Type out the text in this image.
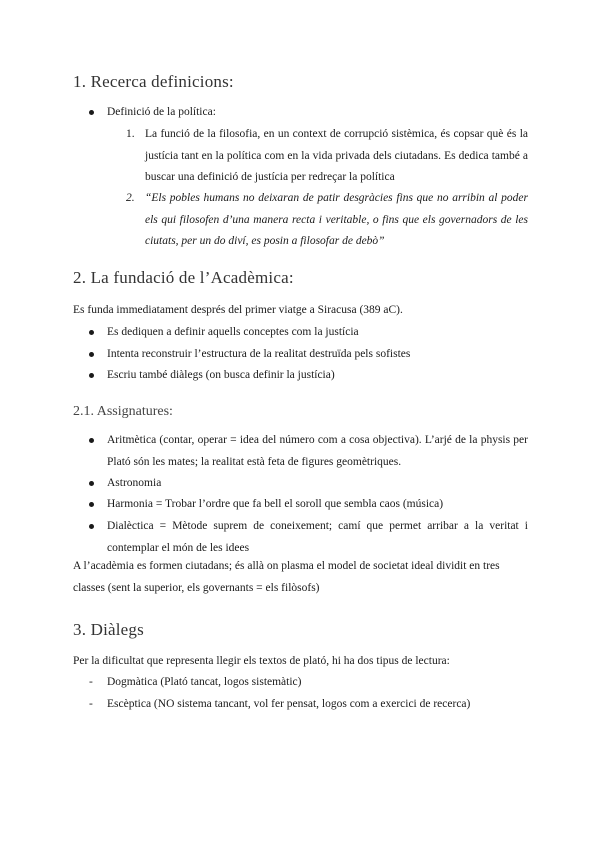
1. Recerca definicions:

Definició de la política:

1. La funció de la filosofia, en un context de corrupció sistèmica, és copsar què és la justícia tant en la política com en la vida privada dels ciutadans. Es dedica també a buscar una definició de justícia per redreçar la política

2. “Els pobles humans no deixaran de patir desgràcies fins que no arribin al poder els qui filosofen d’una manera recta i veritable, o fins que els governadors de les ciutats, per un do diví, es posin a filosofar de debò”

2. La fundació de l’Acadèmica:

Es funda immediatament després del primer viatge a Siracusa (389 aC).

Es dediquen a definir aquells conceptes com la justícia

Intenta reconstruir l’estructura de la realitat destruïda pels sofistes

Escriu també diàlegs (on busca definir la justícia)

2.1. Assignatures:

Aritmètica (contar, operar = idea del número com a cosa objectiva). L’arjé de la physis per Plató són les mates; la realitat està feta de figures geomètriques.

Astronomia

Harmonia = Trobar l’ordre que fa bell el soroll que sembla caos (música)

Dialèctica = Mètode suprem de coneixement; camí que permet arribar a la veritat i contemplar el món de les idees

A l’acadèmia es formen ciutadans; és allà on plasma el model de societat ideal dividit en tres classes (sent la superior, els governants = els filòsofs)

3. Diàlegs

Per la dificultat que representa llegir els textos de plató, hi ha dos tipus de lectura:

- Dogmàtica (Plató tancat, logos sistemàtic)

- Escèptica (NO sistema tancant, vol fer pensat, logos com a exercici de recerca)
